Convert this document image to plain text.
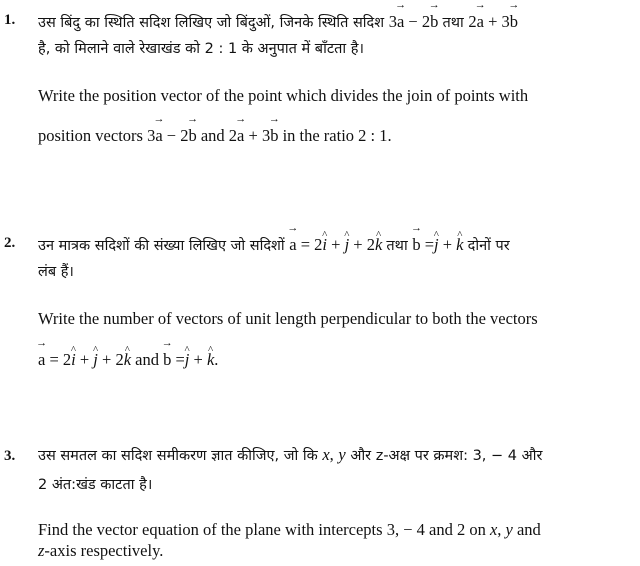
1. उस बिंदु का स्थिति सदिश लिखिए जो बिंदुओं, जिनके स्थिति सदिश 3→ a − 2→ b तथा 2→ a + 3→ b
है, को मिलाने वाले रेखाखंड को 2 : 1 के अनुपात में बाँटता है।
Write the position vector of the point which divides the join of points with
position vectors 3→ a − 2→ b and 2→ a + 3→ b in the ratio 2 : 1.
2. उन मात्रक सदिशों की संख्या लिखिए जो सदिशों → a = 2^ i + ^ j + 2^ k तथा → b =^ j + ^ k दोनों पर
लंब हैं।
Write the number of vectors of unit length perpendicular to both the vectors
→ a = 2^ i + ^ j + 2^ k and → b =^ j + ^ k.
3. उस समतल का सदिश समीकरण ज्ञात कीजिए, जो कि x, y और z-अक्ष पर क्रमश: 3, − 4 और
2 अंत:खंड काटता है।
Find the vector equation of the plane with intercepts 3, − 4 and 2 on x, y and
z-axis respectively.
